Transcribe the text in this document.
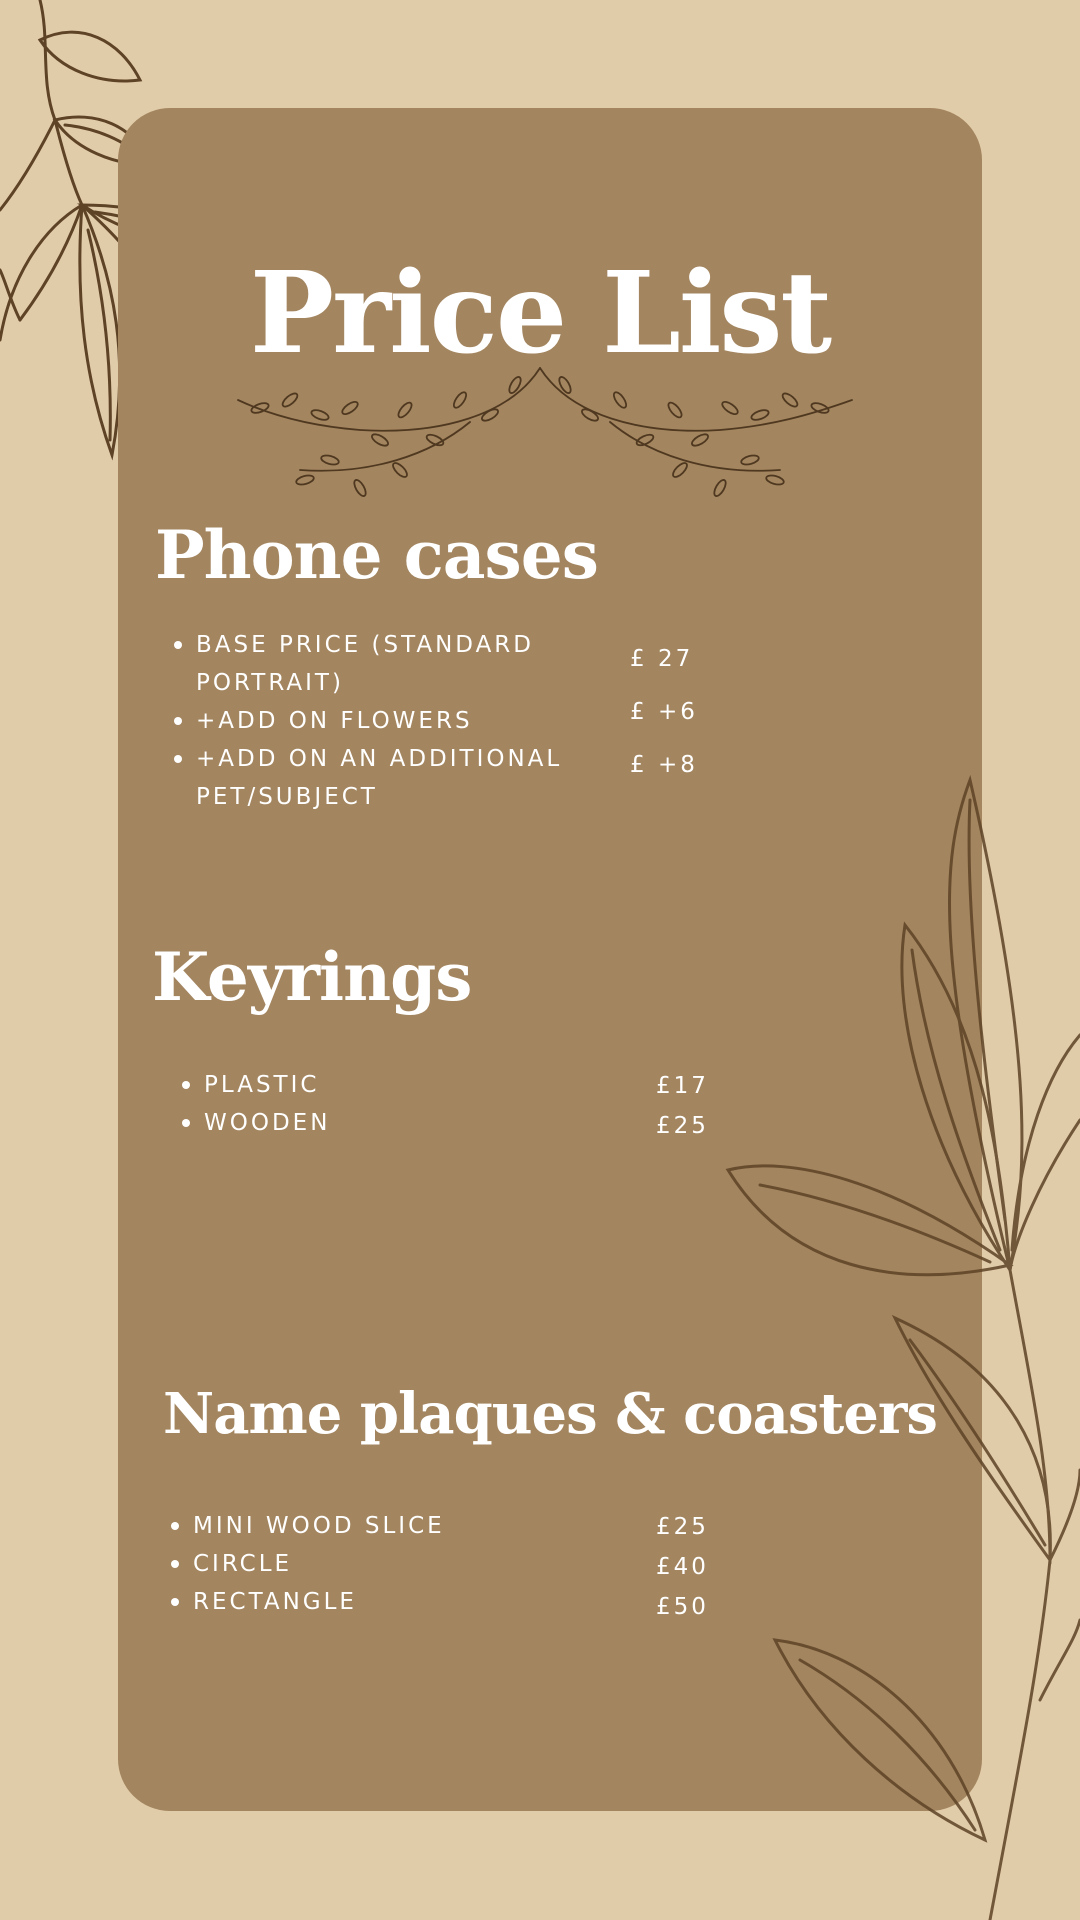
Price List
Phone cases
BASE PRICE (STANDARD PORTRAIT)
+ADD ON FLOWERS
+ADD ON AN ADDITIONAL PET/SUBJECT
£ 27
£ +6
£ +8
Keyrings
PLASTIC
WOODEN
£17
£25
Name plaques & coasters
MINI WOOD SLICE
CIRCLE
RECTANGLE
£25
£40
£50
